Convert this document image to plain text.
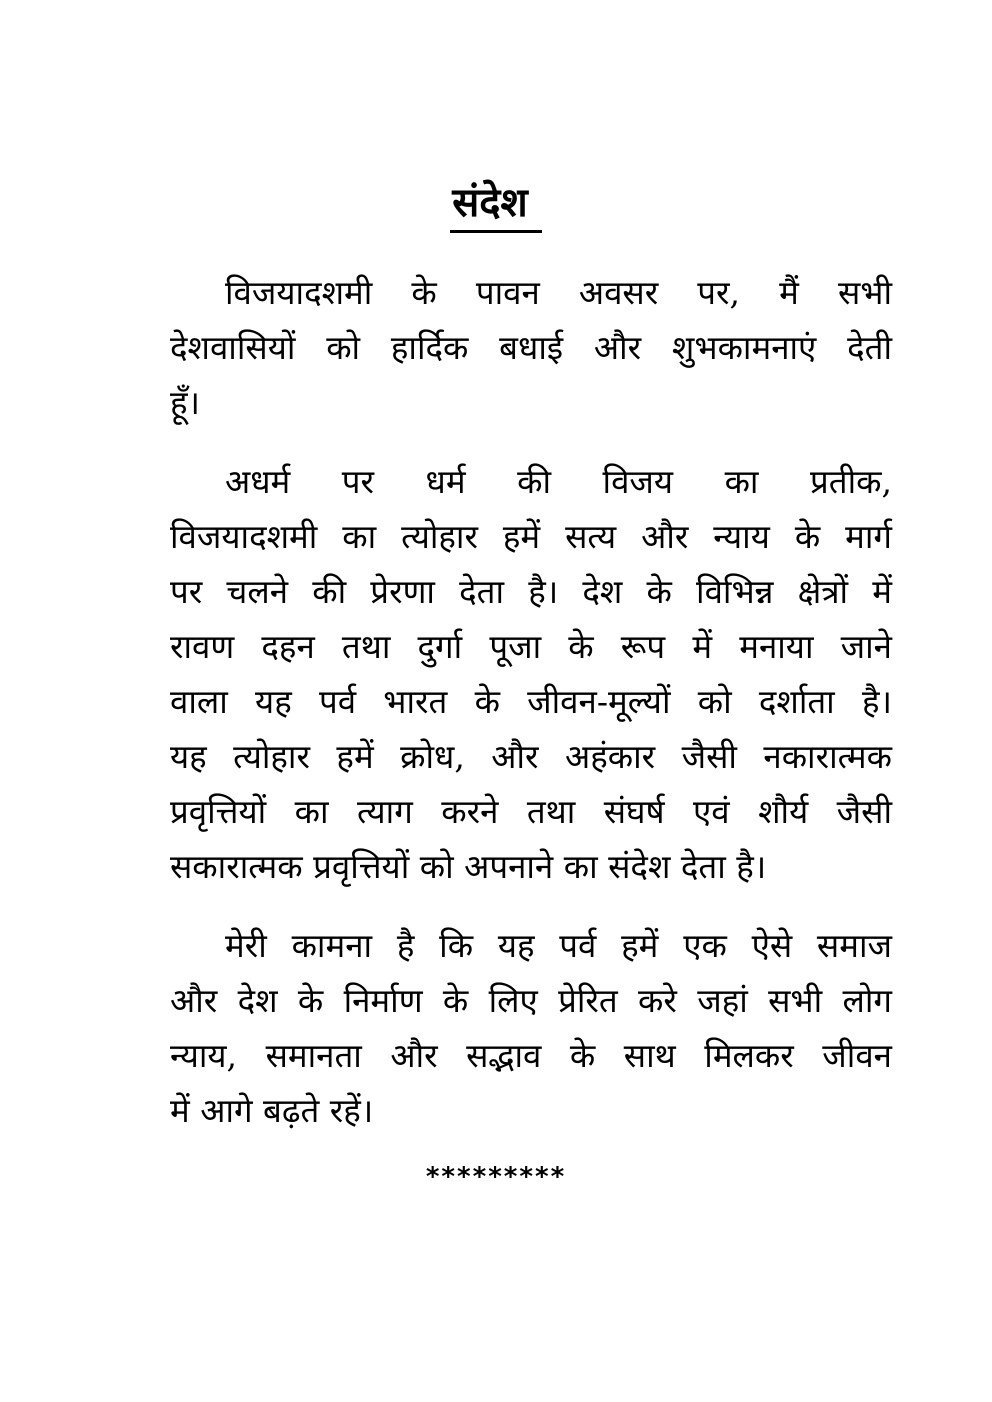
संदेश
विजयादशमी के पावन अवसर पर, मैं सभी
देशवासियों को हार्दिक बधाई और शुभकामनाएं देती
हूँ।
अधर्म पर धर्म की विजय का प्रतीक,
विजयादशमी का त्योहार हमें सत्य और न्याय के मार्ग
पर चलने की प्रेरणा देता है। देश के विभिन्न क्षेत्रों में
रावण दहन तथा दुर्गा पूजा के रूप में मनाया जाने
वाला यह पर्व भारत के जीवन-मूल्यों को दर्शाता है।
यह त्योहार हमें क्रोध, और अहंकार जैसी नकारात्मक
प्रवृत्तियों का त्याग करने तथा संघर्ष एवं शौर्य जैसी
सकारात्मक प्रवृत्तियों को अपनाने का संदेश देता है।
मेरी कामना है कि यह पर्व हमें एक ऐसे समाज
और देश के निर्माण के लिए प्रेरित करे जहां सभी लोग
न्याय, समानता और सद्भाव के साथ मिलकर जीवन
में आगे बढ़ते रहें।
*********
